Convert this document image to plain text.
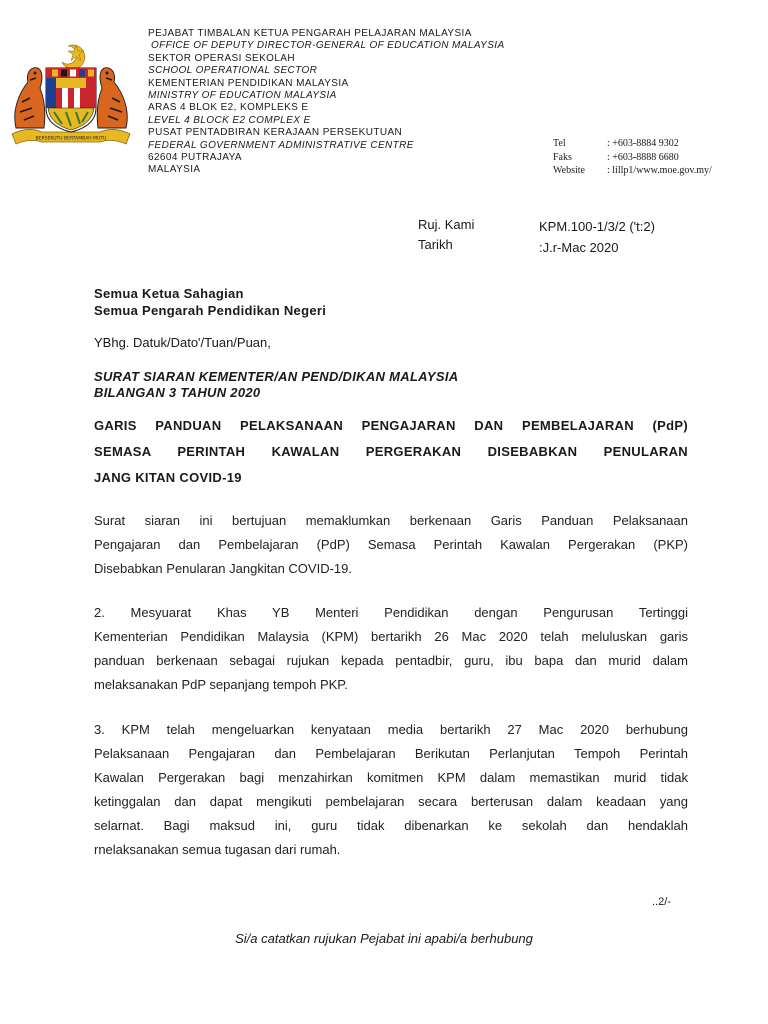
BERSEKUTU BERTAMBAH MUTU
PEJABAT TIMBALAN KETUA PENGARAH PELAJARAN MALAYSIA
OFFICE OF DEPUTY DIRECTOR-GENERAL OF EDUCATION MALAYSIA
SEKTOR OPERASI SEKOLAH
SCHOOL OPERATIONAL SECTOR
KEMENTERIAN PENDIDIKAN MALAYSIA
MINISTRY OF EDUCATION MALAYSIA
ARAS 4 BLOK E2, KOMPLEKS E
LEVEL 4 BLOCK E2 COMPLEX E
PUSAT PENTADBIRAN KERAJAAN PERSEKUTUAN
FEDERAL GOVERNMENT ADMINISTRATIVE CENTRE
62604 PUTRAJAYA
MALAYSIA
Tel	: +603-8884 9302
Faks	: +603-8888 6680
Website : lillp1/www.moe.gov.my/
Ruj. Kami	KPM.100-1/3/2 ('t:2)
Tarikh	:J.r-Mac 2020
Semua Ketua Sahagian
Semua Pengarah Pendidikan Negeri
YBhg. Datuk/Dato'/Tuan/Puan,
SURAT SIARAN KEMENTER/AN PEND/DIKAN MALAYSIA
BILANGAN 3 TAHUN 2020
GARIS PANDUAN PELAKSANAAN PENGAJARAN DAN PEMBELAJARAN (PdP)
SEMASA PERINTAH KAWALAN PERGERAKAN DISEBABKAN PENULARAN
JANG KITAN COVID-19
Surat siaran ini bertujuan memaklumkan berkenaan Garis Panduan Pelaksanaan
Pengajaran dan Pembelajaran (PdP) Semasa Perintah Kawalan Pergerakan (PKP)
Disebabkan Penularan Jangkitan COVID-19.
2. Mesyuarat Khas YB Menteri Pendidikan dengan Pengurusan Tertinggi
Kementerian Pendidikan Malaysia (KPM) bertarikh 26 Mac 2020 telah meluluskan garis
panduan berkenaan sebagai rujukan kepada pentadbir, guru, ibu bapa dan murid dalam
melaksanakan PdP sepanjang tempoh PKP.
3. KPM telah mengeluarkan kenyataan media bertarikh 27 Mac 2020 berhubung
Pelaksanaan Pengajaran dan Pembelajaran Berikutan Perlanjutan Tempoh Perintah
Kawalan Pergerakan bagi menzahirkan komitmen KPM dalam memastikan murid tidak
ketinggalan dan dapat mengikuti pembelajaran secara berterusan dalam keadaan yang
selarnat. Bagi maksud ini, guru tidak dibenarkan ke sekolah dan hendaklah
rnelaksanakan semua tugasan dari rumah.
..2/-
Si/a catatkan rujukan Pejabat ini apabi/a berhubung
